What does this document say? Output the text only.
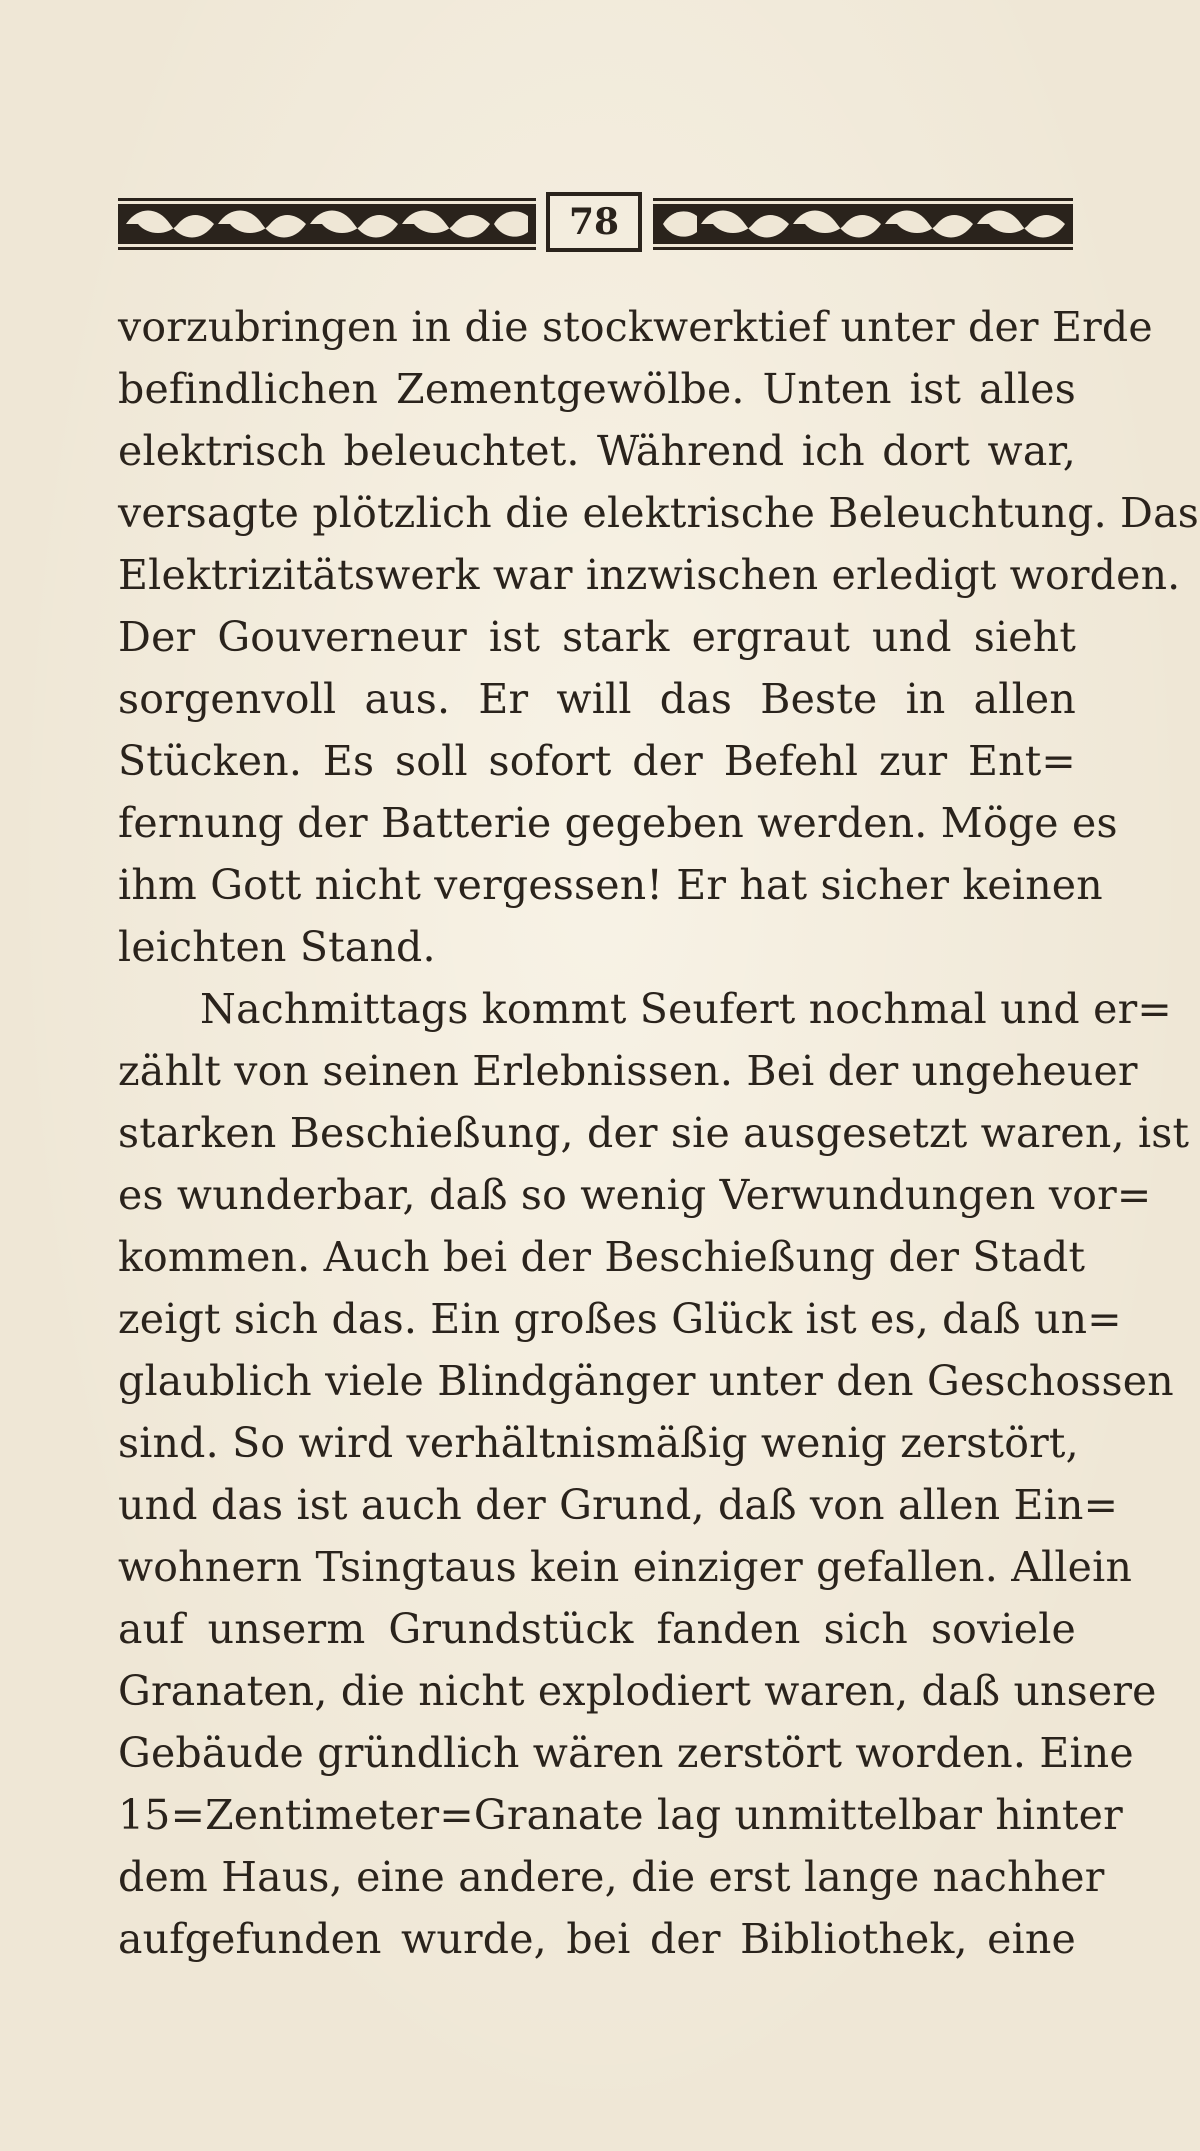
78
vorzubringen in die stockwerktief unter der Erde
befindlichen Zementgewölbe. Unten ist alles
elektrisch beleuchtet. Während ich dort war,
versagte plötzlich die elektrische Beleuchtung. Das
Elektrizitätswerk war inzwischen erledigt worden.
Der Gouverneur ist stark ergraut und sieht
sorgenvoll aus. Er will das Beste in allen
Stücken. Es soll sofort der Befehl zur Ent=
fernung der Batterie gegeben werden. Möge es
ihm Gott nicht vergessen! Er hat sicher keinen
leichten Stand.
Nachmittags kommt Seufert nochmal und er=
zählt von seinen Erlebnissen. Bei der ungeheuer
starken Beschießung, der sie ausgesetzt waren, ist
es wunderbar, daß so wenig Verwundungen vor=
kommen. Auch bei der Beschießung der Stadt
zeigt sich das. Ein großes Glück ist es, daß un=
glaublich viele Blindgänger unter den Geschossen
sind. So wird verhältnismäßig wenig zerstört,
und das ist auch der Grund, daß von allen Ein=
wohnern Tsingtaus kein einziger gefallen. Allein
auf unserm Grundstück fanden sich soviele
Granaten, die nicht explodiert waren, daß unsere
Gebäude gründlich wären zerstört worden. Eine
15=Zentimeter=Granate lag unmittelbar hinter
dem Haus, eine andere, die erst lange nachher
aufgefunden wurde, bei der Bibliothek, eine
